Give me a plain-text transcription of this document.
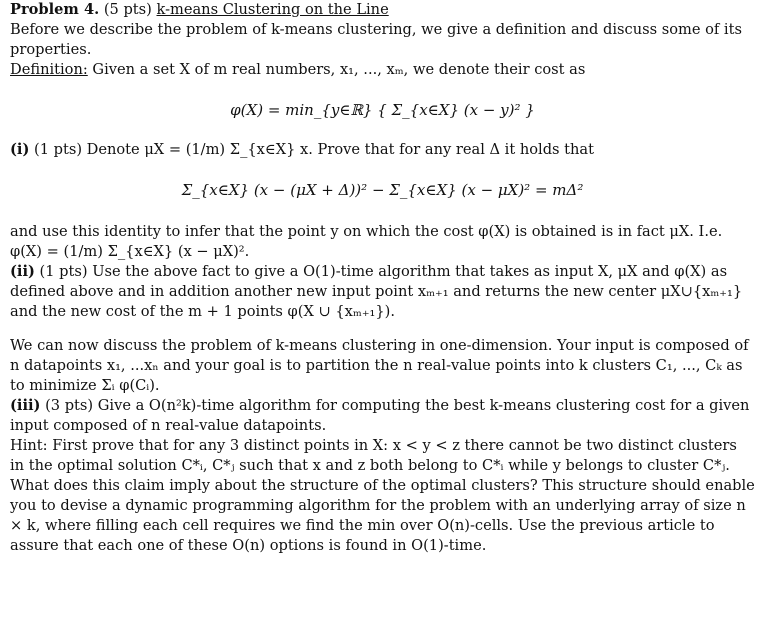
Problem 4. (5 pts) k-means Clustering on the Line

Before we describe the problem of k-means clustering, we give a definition and discuss some of its properties.

Definition: Given a set X of m real numbers, x₁, ..., xₘ, we denote their cost as

φ(X) = min_{y∈ℝ} { Σ_{x∈X} (x − y)² }

(i) (1 pts) Denote μX = (1/m) Σ_{x∈X} x. Prove that for any real Δ it holds that

Σ_{x∈X} (x − (μX + Δ))² − Σ_{x∈X} (x − μX)² = mΔ²

and use this identity to infer that the point y on which the cost φ(X) is obtained is in fact μX. I.e. φ(X) = (1/m) Σ_{x∈X} (x − μX)².

(ii) (1 pts) Use the above fact to give a O(1)-time algorithm that takes as input X, μX and φ(X) as defined above and in addition another new input point xₘ₊₁ and returns the new center μX∪{xₘ₊₁} and the new cost of the m + 1 points φ(X ∪ {xₘ₊₁}).

We can now discuss the problem of k-means clustering in one-dimension. Your input is composed of n datapoints x₁, ...xₙ and your goal is to partition the n real-value points into k clusters C₁, ..., Cₖ as to minimize Σᵢ φ(Cᵢ).

(iii) (3 pts) Give a O(n²k)-time algorithm for computing the best k-means clustering cost for a given input composed of n real-value datapoints.

Hint: First prove that for any 3 distinct points in X: x < y < z there cannot be two distinct clusters in the optimal solution C*ᵢ, C*ⱼ such that x and z both belong to C*ᵢ while y belongs to cluster C*ⱼ. What does this claim imply about the structure of the optimal clusters? This structure should enable you to devise a dynamic programming algorithm for the problem with an underlying array of size n × k, where filling each cell requires we find the min over O(n)-cells. Use the previous article to assure that each one of these O(n) options is found in O(1)-time.
